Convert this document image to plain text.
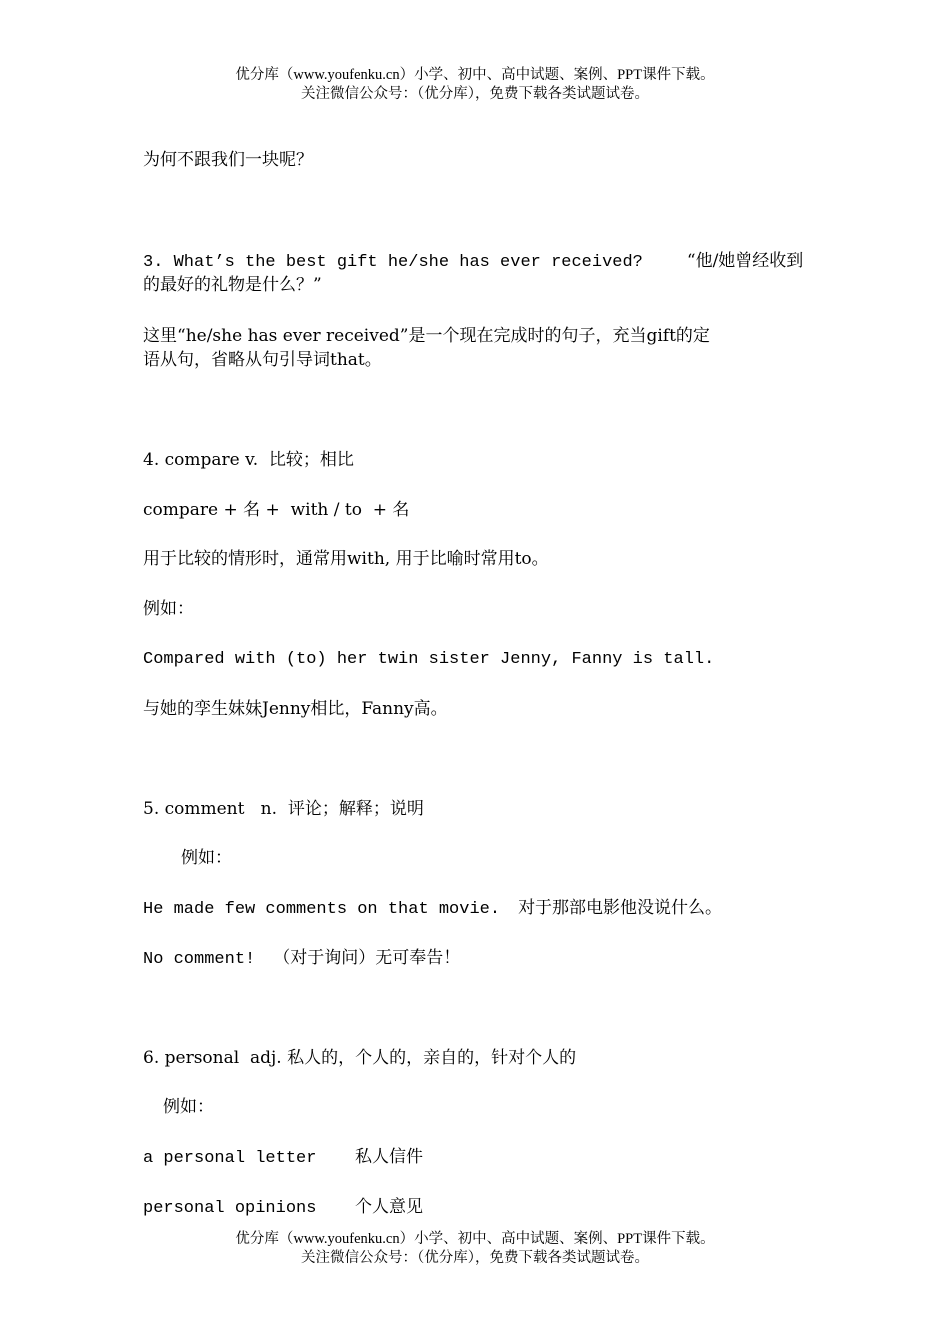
优分库（www.youfenku.cn）小学、初中、高中试题、案例、PPT课件下载。
关注微信公众号：（优分库），免费下载各类试题试卷。
为何不跟我们一块呢？
3. What’s the best gift he/she has ever received?	“他/她曾经收到
的最好的礼物是什么？”
这里“he/she has ever received”是一个现在完成时的句子，充当gift的定
语从句，省略从句引导词that。
4. compare v.  比较；相比
compare + 名 +  with / to  + 名
用于比较的情形时，通常用with, 用于比喻时常用to。
例如：
Compared with (to) her twin sister Jenny, Fanny is tall.
与她的孪生妹妹Jenny相比，Fanny高。
5. comment   n.  评论；解释；说明
例如：
He made few comments on that movie. 对于那部电影他没说什么。
No comment! （对于询问）无可奉告！
6. personal  adj. 私人的，个人的，亲自的，针对个人的
例如：
a personal letter 私人信件
personal opinions 个人意见
优分库（www.youfenku.cn）小学、初中、高中试题、案例、PPT课件下载。
关注微信公众号：（优分库），免费下载各类试题试卷。
